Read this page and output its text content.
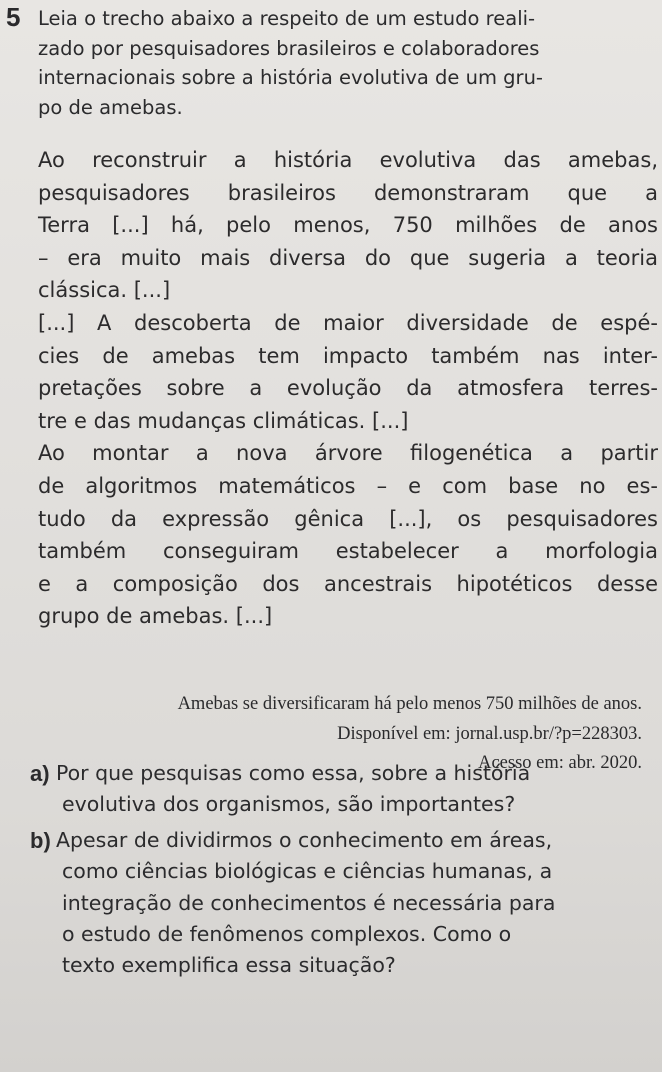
5 Leia o trecho abaixo a respeito de um estudo reali-
zado por pesquisadores brasileiros e colaboradores
internacionais sobre a história evolutiva de um gru-
po de amebas.
Ao reconstruir a história evolutiva das amebas,
pesquisadores brasileiros demonstraram que a
Terra [...] há, pelo menos, 750 milhões de anos
– era muito mais diversa do que sugeria a teoria
clássica. [...]
[...] A descoberta de maior diversidade de espé-
cies de amebas tem impacto também nas inter-
pretações sobre a evolução da atmosfera terres-
tre e das mudanças climáticas. [...]
Ao montar a nova árvore filogenética a partir
de algoritmos matemáticos – e com base no es-
tudo da expressão gênica [...], os pesquisadores
também conseguiram estabelecer a morfologia
e a composição dos ancestrais hipotéticos desse
grupo de amebas. [...]
Amebas se diversificaram há pelo menos 750 milhões de anos.
Disponível em: jornal.usp.br/?p=228303.
Acesso em: abr. 2020.
a) Por que pesquisas como essa, sobre a história
evolutiva dos organismos, são importantes?
b) Apesar de dividirmos o conhecimento em áreas,
como ciências biológicas e ciências humanas, a
integração de conhecimentos é necessária para
o estudo de fenômenos complexos. Como o
texto exemplifica essa situação?
